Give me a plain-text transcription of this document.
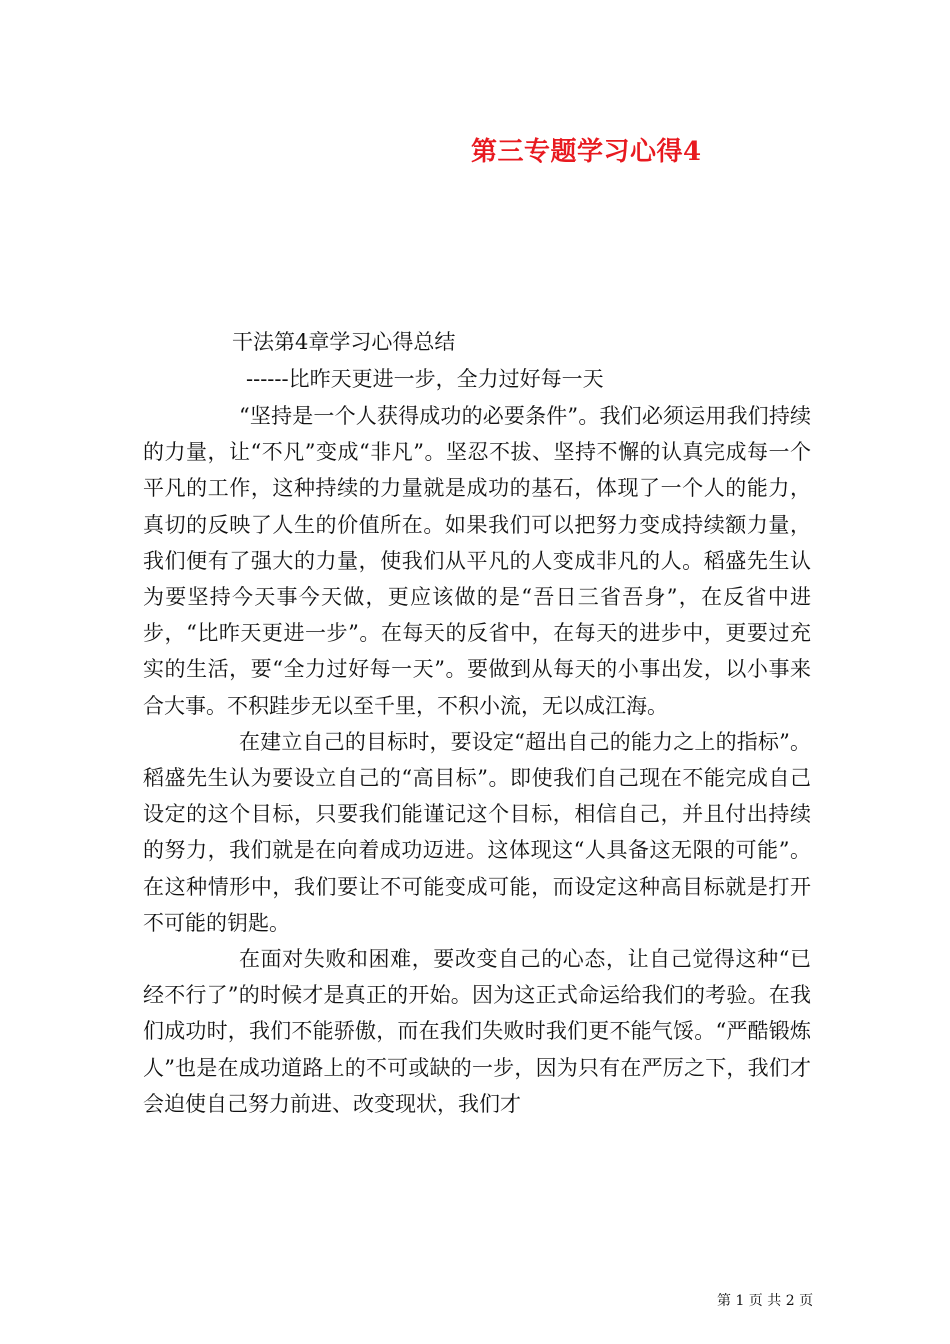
第三专题学习心得4
干法第4章学习心得总结
------比昨天更进一步，全力过好每一天

“坚持是一个人获得成功的必要条件”。我们必须运用我们持续的力量，让“不凡”变成“非凡”。坚忍不拔、坚持不懈的认真完成每一个平凡的工作，这种持续的力量就是成功的基石，体现了一个人的能力，真切的反映了人生的价值所在。如果我们可以把努力变成持续额力量，我们便有了强大的力量，使我们从平凡的人变成非凡的人。稻盛先生认为要坚持今天事今天做，更应该做的是“吾日三省吾身”，在反省中进步，“比昨天更进一步”。在每天的反省中，在每天的进步中，更要过充实的生活，要“全力过好每一天”。要做到从每天的小事出发，以小事来合大事。不积跬步无以至千里，不积小流，无以成江海。

在建立自己的目标时，要设定“超出自己的能力之上的指标”。稻盛先生认为要设立自己的“高目标”。即使我们自己现在不能完成自己设定的这个目标，只要我们能谨记这个目标，相信自己，并且付出持续的努力，我们就是在向着成功迈进。这体现这“人具备这无限的可能”。在这种情形中，我们要让不可能变成可能，而设定这种高目标就是打开不可能的钥匙。

在面对失败和困难，要改变自己的心态，让自己觉得这种“已经不行了”的时候才是真正的开始。因为这正式命运给我们的考验。在我们成功时，我们不能骄傲，而在我们失败时我们更不能气馁。“严酷锻炼人”也是在成功道路上的不可或缺的一步，因为只有在严厉之下，我们才会迫使自己努力前进、改变现状，我们才

第 1 页 共 2 页
